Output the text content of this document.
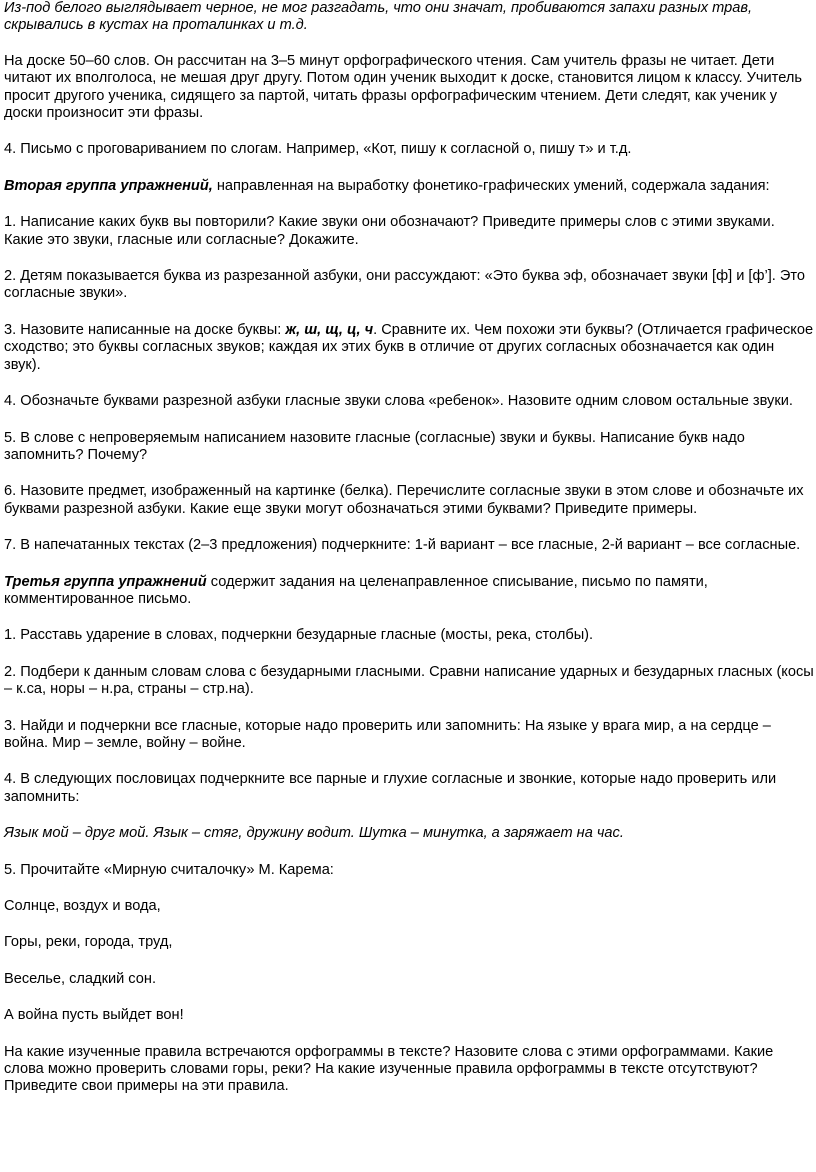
Из-под белого выглядывает черное, не мог разгадать, что они значат, пробиваются запахи разных трав, скрывались в кустах на проталинках и т.д.

На доске 50–60 слов. Он рассчитан на 3–5 минут орфографического чтения. Сам учитель фразы не читает. Дети читают их вполголоса, не мешая друг другу. Потом один ученик выходит к доске, становится лицом к классу. Учитель просит другого ученика, сидящего за партой, читать фразы орфографическим чтением. Дети следят, как ученик у доски произносит эти фразы.

4. Письмо с проговариванием по слогам. Например, «Кот, пишу к согласной о, пишу т» и т.д.

Вторая группа упражнений, направленная на выработку фонетико-графических умений, содержала задания:

1. Написание каких букв вы повторили? Какие звуки они обозначают? Приведите примеры слов с этими звуками. Какие это звуки, гласные или согласные? Докажите.

2. Детям показывается буква из разрезанной азбуки, они рассуждают: «Это буква эф, обозначает звуки [ф] и [ф’]. Это согласные звуки».

3. Назовите написанные на доске буквы: ж, ш, щ, ц, ч. Сравните их. Чем похожи эти буквы? (Отличается графическое сходство; это буквы согласных звуков; каждая их этих букв в отличие от других согласных обозначается как один звук).

4. Обозначьте буквами разрезной азбуки гласные звуки слова «ребенок». Назовите одним словом остальные звуки.

5. В слове с непроверяемым написанием назовите гласные (согласные) звуки и буквы. Написание букв надо запомнить? Почему?

6. Назовите предмет, изображенный на картинке (белка). Перечислите согласные звуки в этом слове и обозначьте их буквами разрезной азбуки. Какие еще звуки могут обозначаться этими буквами? Приведите примеры.

7. В напечатанных текстах (2–3 предложения) подчеркните: 1-й вариант – все гласные, 2-й вариант – все согласные.

Третья группа упражнений содержит задания на целенаправленное списывание, письмо по памяти, комментированное письмо.

1. Расставь ударение в словах, подчеркни безударные гласные (мосты, река, столбы).

2. Подбери к данным словам слова с безударными гласными. Сравни написание ударных и безударных гласных (косы – к.са, норы – н.ра, страны – стр.на).

3. Найди и подчеркни все гласные, которые надо проверить или запомнить: На языке у врага мир, а на сердце – война. Мир – земле, войну – войне.

4. В следующих пословицах подчеркните все парные и глухие согласные и звонкие, которые надо проверить или запомнить:

Язык мой – друг мой. Язык – стяг, дружину водит. Шутка – минутка, а заряжает на час.

5. Прочитайте «Мирную считалочку» М. Карема:

Солнце, воздух и вода,

Горы, реки, города, труд,

Веселье, сладкий сон.

А война пусть выйдет вон!

На какие изученные правила встречаются орфограммы в тексте? Назовите слова с этими орфограммами. Какие слова можно проверить словами горы, реки? На какие изученные правила орфограммы в тексте отсутствуют? Приведите свои примеры на эти правила.
